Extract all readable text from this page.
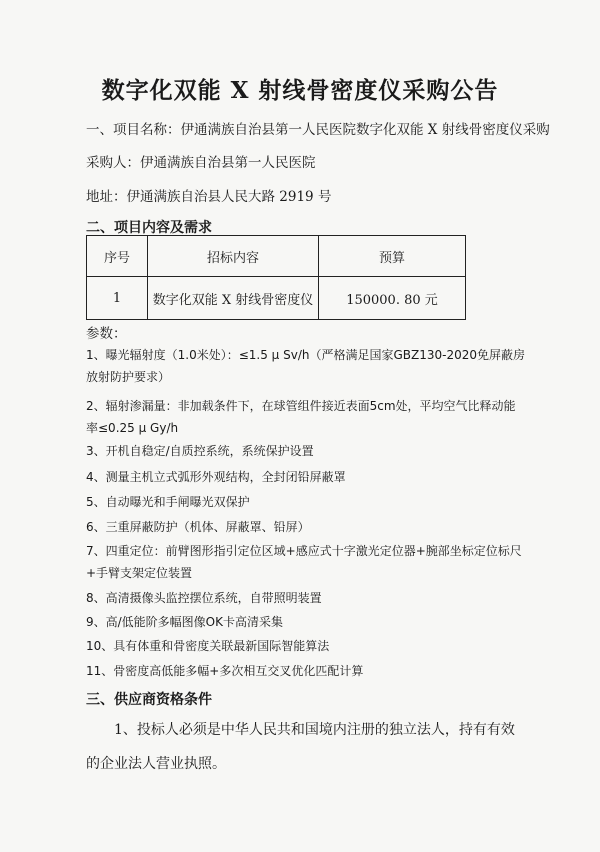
数字化双能 X 射线骨密度仪采购公告
一、项目名称：伊通满族自治县第一人民医院数字化双能 X 射线骨密度仪采购
采购人：伊通满族自治县第一人民医院
地址：伊通满族自治县人民大路 2919 号
二、项目内容及需求
序号	招标内容	预算
1	数字化双能 X 射线骨密度仪	150000. 80 元
参数：
1、曝光辐射度（1.0米处）：≤1.5 μ Sv/h（严格满足国家GBZ130-2020免屏蔽房放射防护要求）
2、辐射渗漏量：非加载条件下，在球管组件接近表面5cm处，平均空气比释动能率≤0.25 μ Gy/h
3、开机自稳定/自质控系统，系统保护设置
4、测量主机立式弧形外观结构，全封闭铅屏蔽罩
5、自动曝光和手闸曝光双保护
6、三重屏蔽防护（机体、屏蔽罩、铅屏）
7、四重定位：前臂图形指引定位区域+感应式十字激光定位器+腕部坐标定位标尺+手臂支架定位装置
8、高清摄像头监控摆位系统，自带照明装置
9、高/低能阶多幅图像OK卡高清采集
10、具有体重和骨密度关联最新国际智能算法
11、骨密度高低能多幅+多次相互交叉优化匹配计算
三、供应商资格条件
1、投标人必须是中华人民共和国境内注册的独立法人，持有有效的企业法人营业执照。
